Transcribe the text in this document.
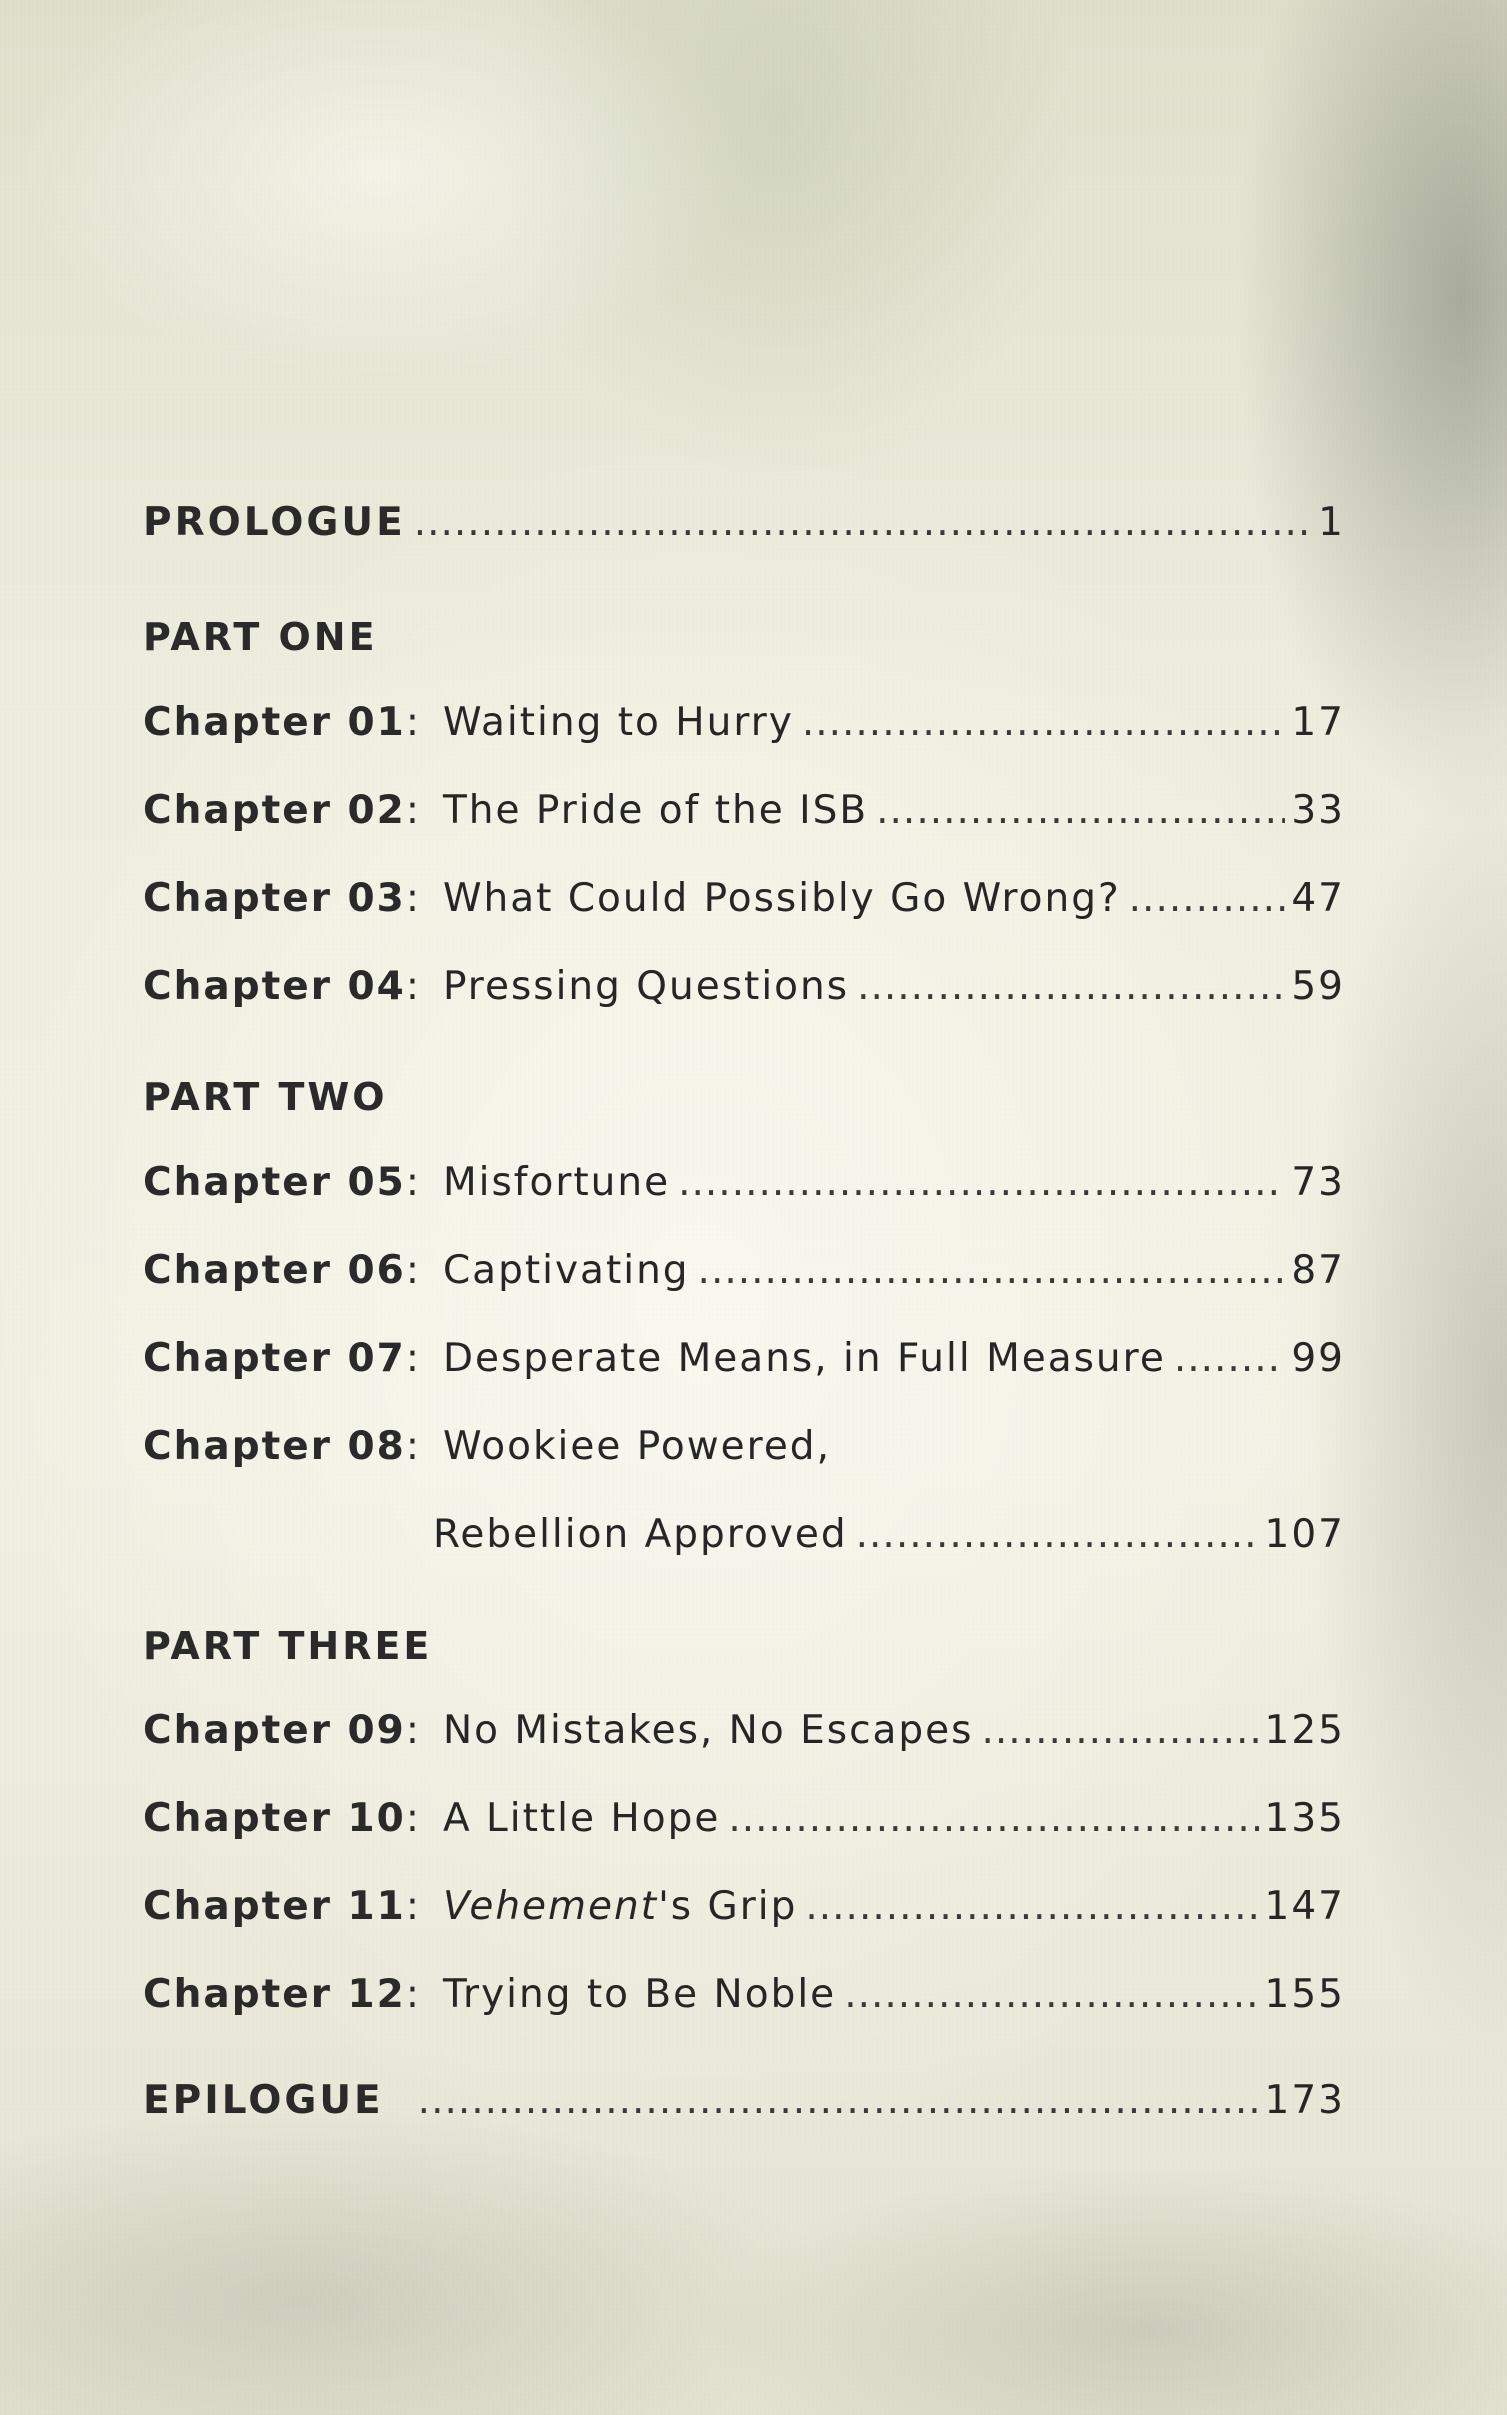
PROLOGUE .....	1
PART ONE
Chapter 01 : Waiting to Hurry .....	17
Chapter 02 : The Pride of the ISB .....	33
Chapter 03 : What Could Possibly Go Wrong? .....	47
Chapter 04 : Pressing Questions .....	59
PART TWO
Chapter 05 : Misfortune .....	73
Chapter 06 : Captivating .....	87
Chapter 07 : Desperate Means, in Full Measure .....	99
Chapter 08 : Wookiee Powered,
Rebellion Approved .....	107
PART THREE
Chapter 09 : No Mistakes, No Escapes .....	125
Chapter 10 : A Little Hope .....	135
Chapter 11 : Vehement's Grip .....	147
Chapter 12 : Trying to Be Noble .....	155
EPILOGUE .....	173
